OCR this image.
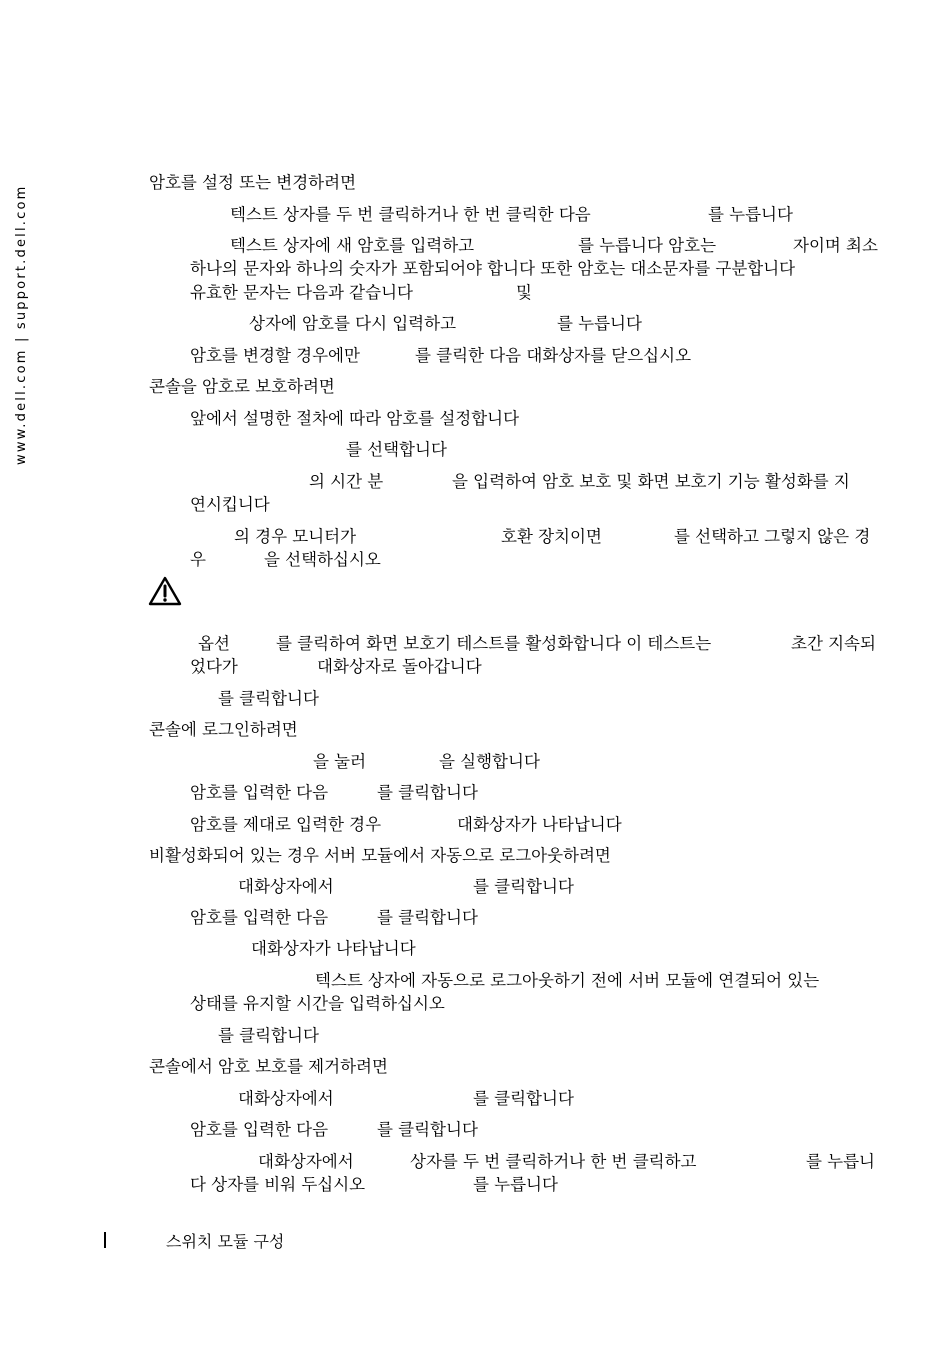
www.dell.com | support.dell.com

암호를 설정 또는 변경하려면

텍스트 상자를 두 번 클릭하거나 한 번 클릭한 다음	를 누릅니다

텍스트 상자에 새 암호를 입력하고	를 누릅니다 암호는	자이며 최소

하나의 문자와 하나의 숫자가 포함되어야 합니다 또한 암호는 대소문자를 구분합니다

유효한 문자는 다음과 같습니다	및

상자에 암호를 다시 입력하고	를 누릅니다

암호를 변경할 경우에만	를 클릭한 다음 대화상자를 닫으십시오

콘솔을 암호로 보호하려면

앞에서 설명한 절차에 따라 암호를 설정합니다

를 선택합니다

의 시간 분	을 입력하여 암호 보호 및 화면 보호기 기능 활성화를 지

연시킵니다

의 경우 모니터가	호환 장치이면	를 선택하고 그렇지 않은 경

우	을 선택하십시오

옵션	를 클릭하여 화면 보호기 테스트를 활성화합니다 이 테스트는	초간 지속되

었다가	대화상자로 돌아갑니다

를 클릭합니다

콘솔에 로그인하려면

을 눌러	을 실행합니다

암호를 입력한 다음	를 클릭합니다

암호를 제대로 입력한 경우	대화상자가 나타납니다

비활성화되어 있는 경우 서버 모듈에서 자동으로 로그아웃하려면

대화상자에서	를 클릭합니다

암호를 입력한 다음	를 클릭합니다

대화상자가 나타납니다

텍스트 상자에 자동으로 로그아웃하기 전에 서버 모듈에 연결되어 있는

상태를 유지할 시간을 입력하십시오

를 클릭합니다

콘솔에서 암호 보호를 제거하려면

대화상자에서	를 클릭합니다

암호를 입력한 다음	를 클릭합니다

대화상자에서	상자를 두 번 클릭하거나 한 번 클릭하고	를 누릅니

다 상자를 비워 두십시오	를 누릅니다

스위치 모듈 구성
